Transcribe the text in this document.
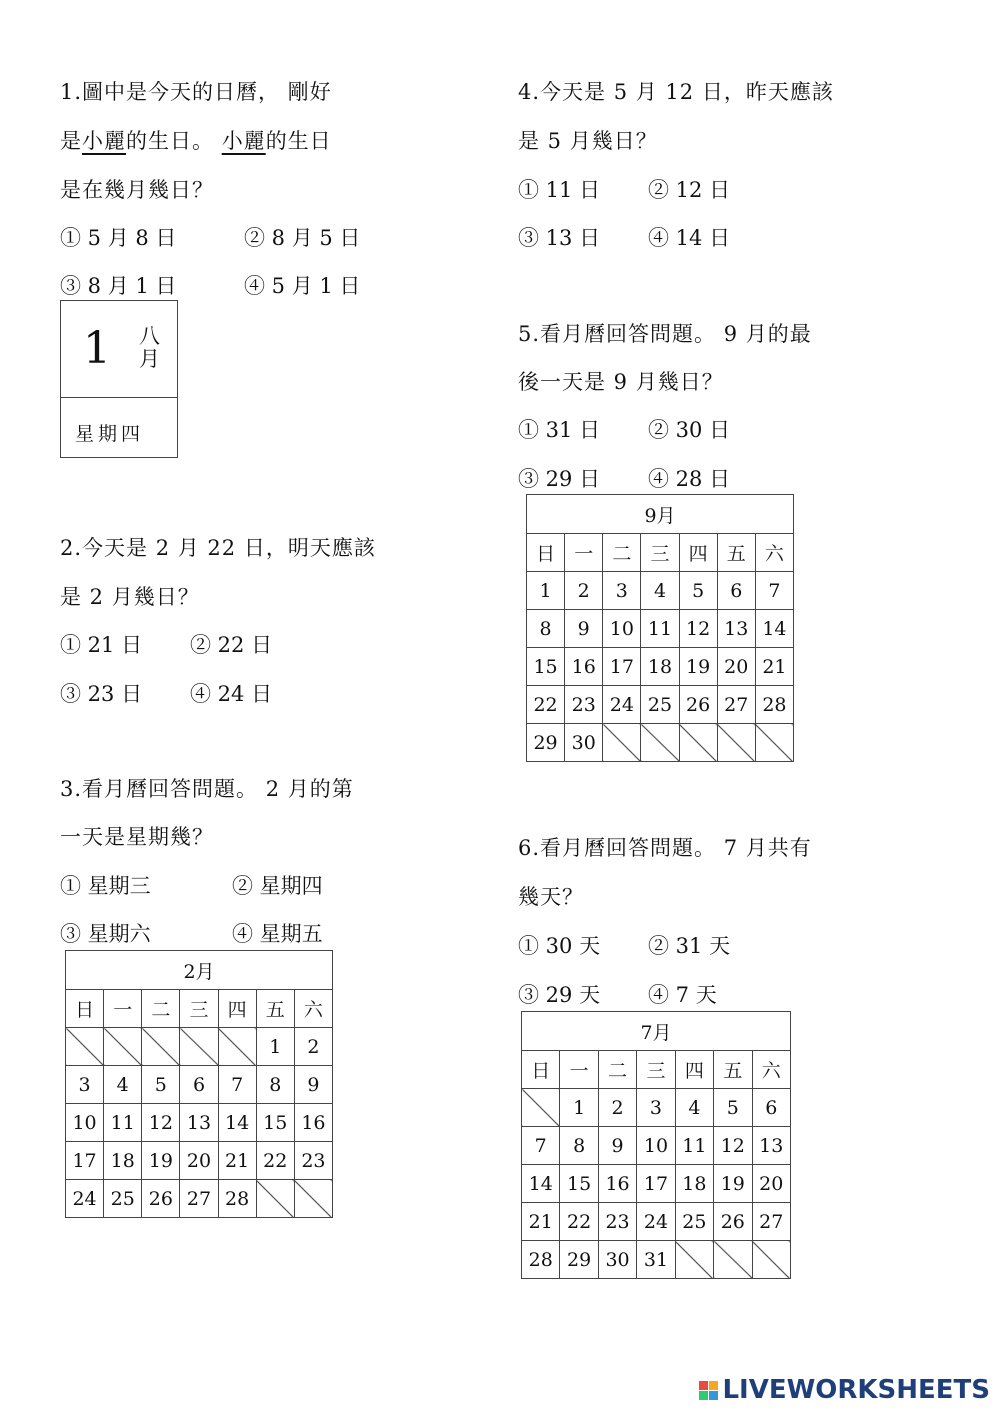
1.圖中是今天的日曆， 剛好
是小麗的生日。 小麗的生日
是在幾月幾日？
① 5 月 8 日	② 8 月 5 日
③ 8 月 1 日	④ 5 月 1 日
1 八月
星期四
2.今天是 2 月 22 日，明天應該
是 2 月幾日？
① 21 日 ② 22 日
③ 23 日 ④ 24 日
3.看月曆回答問題。 2 月的第
一天是星期幾？
① 星期三	② 星期四
③ 星期六	④ 星期五
4.今天是 5 月 12 日，昨天應該
是 5 月幾日？
① 11 日 ② 12 日
③ 13 日 ④ 14 日
5.看月曆回答問題。 9 月的最
後一天是 9 月幾日？
① 31 日 ② 30 日
③ 29 日 ④ 28 日
6.看月曆回答問題。 7 月共有
幾天？
① 30 天 ② 31 天
③ 29 天 ④ 7 天
2月						
日	一	二	三	四	五	六
					1	2
3	4	5	6	7	8	9
10	11	12	13	14	15	16
17	18	19	20	21	22	23
24	25	26	27	28		
9月						
日	一	二	三	四	五	六
1	2	3	4	5	6	7
8	9	10	11	12	13	14
15	16	17	18	19	20	21
22	23	24	25	26	27	28
29	30					
7月						
日	一	二	三	四	五	六
	1	2	3	4	5	6
7	8	9	10	11	12	13
14	15	16	17	18	19	20
21	22	23	24	25	26	27
28	29	30	31			
LIVEWORKSHEETS
